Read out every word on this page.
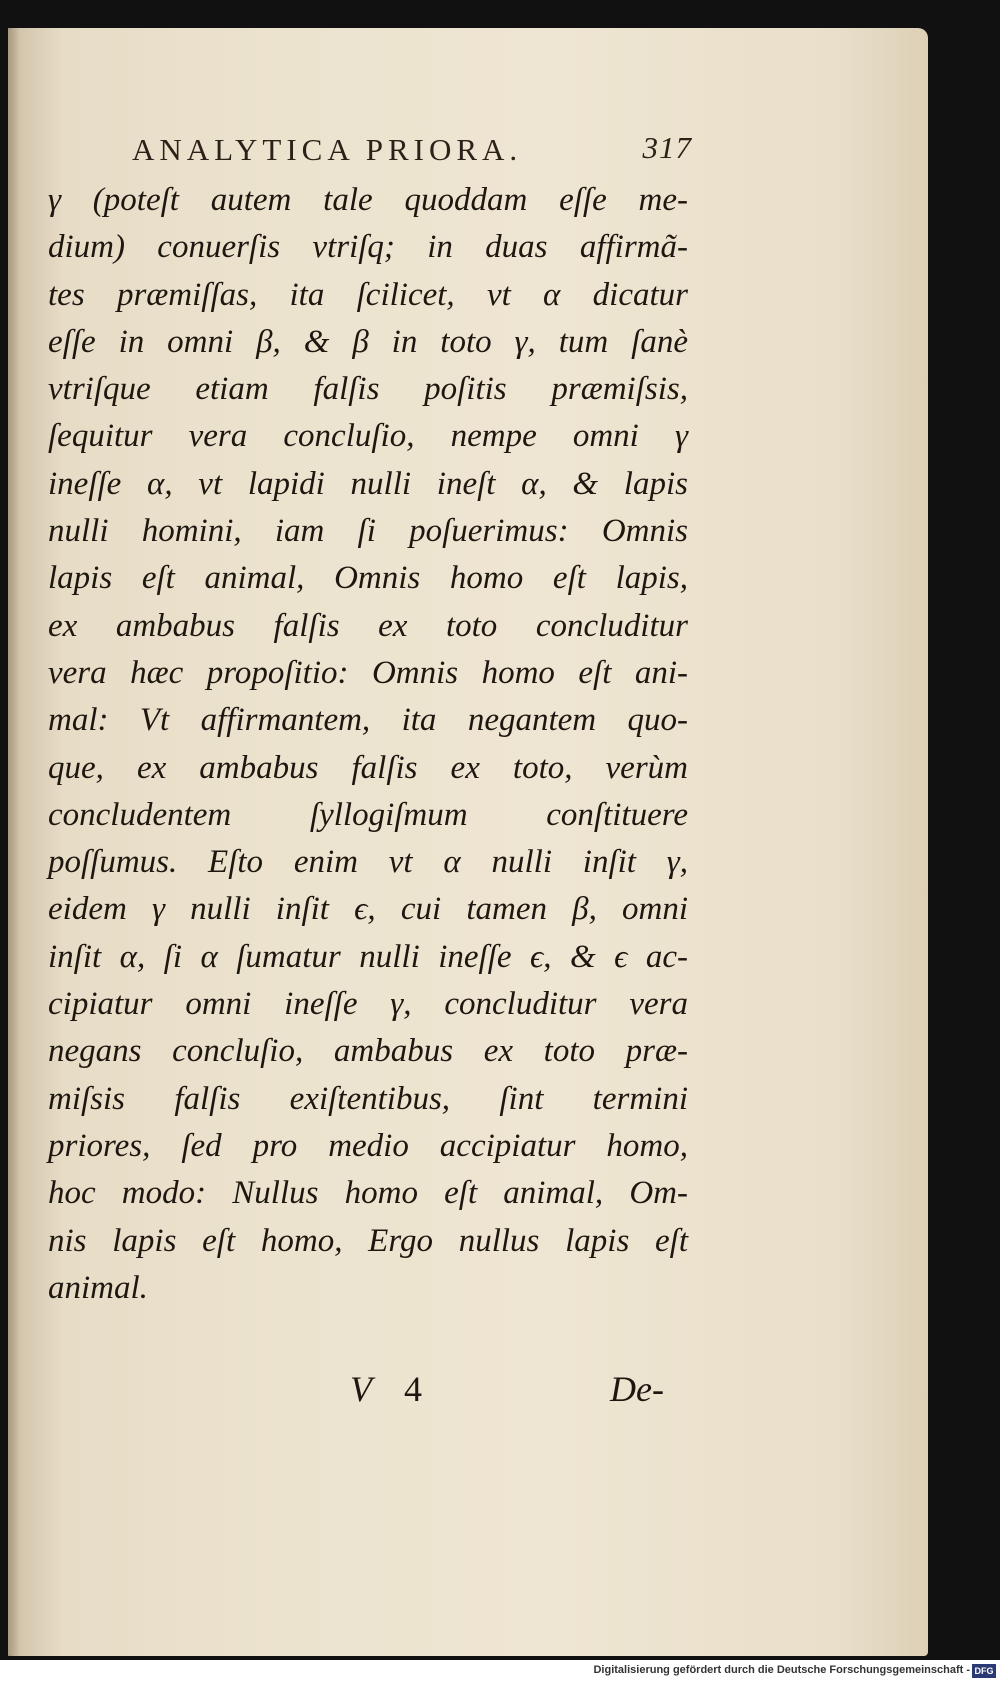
ANALYTICA PRIORA.	317
γ (poteſt autem tale quoddam eſſe me-
dium) conuerſis vtriſq; in duas affirmã-
tes præmiſſas, ita ſcilicet, vt α dicatur
eſſe in omni β, & β in toto γ, tum ſanè
vtriſque etiam falſis poſitis præmiſsis,
ſequitur vera concluſio, nempe omni γ
ineſſe α, vt lapidi nulli ineſt α, & lapis
nulli homini, iam ſi poſuerimus: Omnis
lapis eſt animal, Omnis homo eſt lapis,
ex ambabus falſis ex toto concluditur
vera hæc propoſitio: Omnis homo eſt ani-
mal: Vt affirmantem, ita negantem quo-
que, ex ambabus falſis ex toto, verùm
concludentem ſyllogiſmum conſtituere
poſſumus. Eſto enim vt α nulli inſit γ,
eidem γ nulli inſit ϵ, cui tamen β, omni
inſit α, ſi α ſumatur nulli ineſſe ϵ, & ϵ ac-
cipiatur omni ineſſe γ, concluditur vera
negans concluſio, ambabus ex toto præ-
miſsis falſis exiſtentibus, ſint termini
priores, ſed pro medio accipiatur homo,
hoc modo: Nullus homo eſt animal, Om-
nis lapis eſt homo, Ergo nullus lapis eſt
animal.
V 4	De-
Digitalisierung gefördert durch die Deutsche Forschungsgemeinschaft - DFG
